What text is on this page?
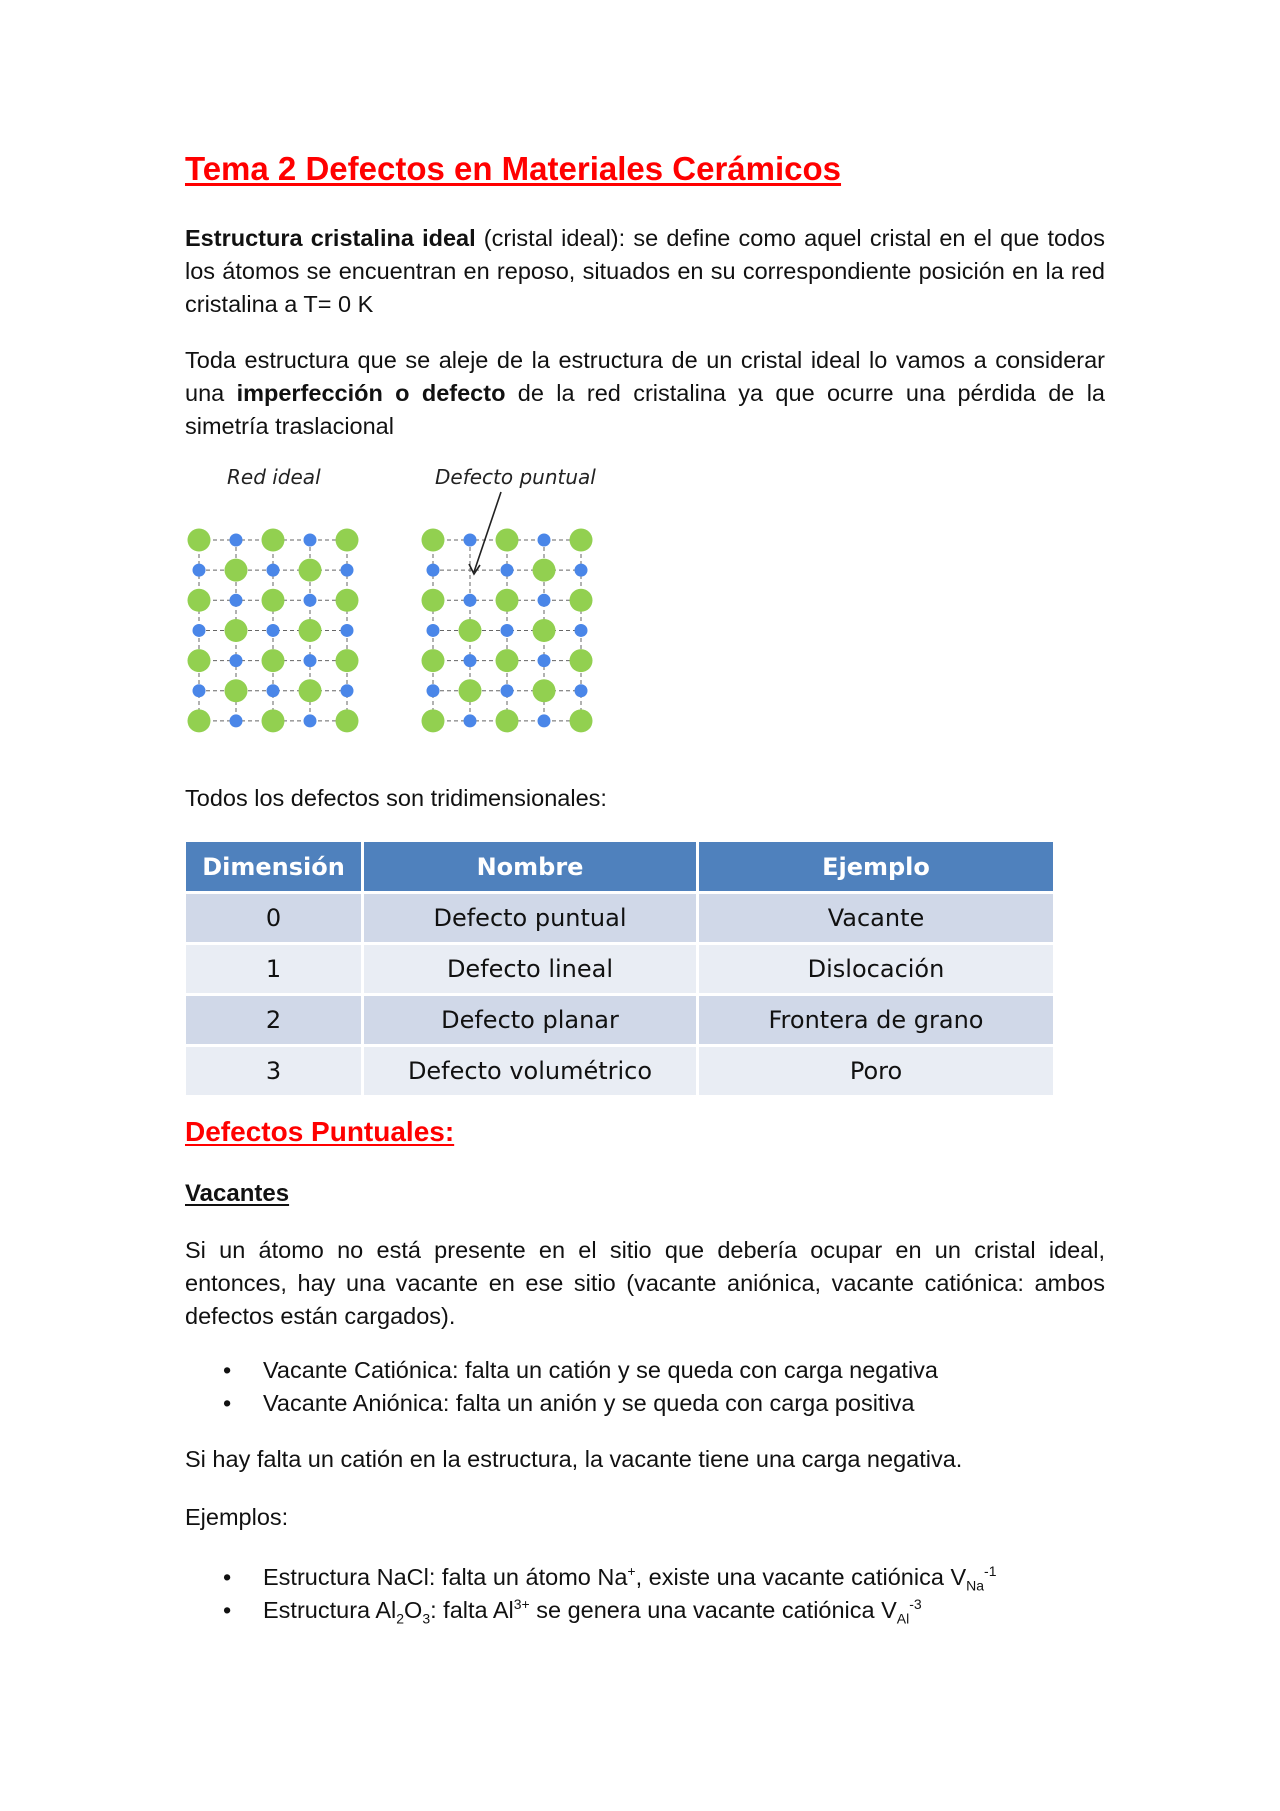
Tema 2 Defectos en Materiales Cerámicos

Estructura cristalina ideal (cristal ideal): se define como aquel cristal en el que todos los átomos se encuentran en reposo, situados en su correspondiente posición en la red cristalina a T= 0 K

Toda estructura que se aleje de la estructura de un cristal ideal lo vamos a considerar una imperfección o defecto de la red cristalina ya que ocurre una pérdida de la simetría traslacional

Red ideal	Defecto puntual

Todos los defectos son tridimensionales:

Dimensión	Nombre	Ejemplo
0	Defecto puntual	Vacante
1	Defecto lineal	Dislocación
2	Defecto planar	Frontera de grano
3	Defecto volumétrico	Poro
Defectos Puntuales:
Vacantes

Si un átomo no está presente en el sitio que debería ocupar en un cristal ideal, entonces, hay una vacante en ese sitio (vacante aniónica, vacante catiónica: ambos defectos están cargados).

• Vacante Catiónica: falta un catión y se queda con carga negativa
• Vacante Aniónica: falta un anión y se queda con carga positiva

Si hay falta un catión en la estructura, la vacante tiene una carga negativa.

Ejemplos:

• Estructura NaCl: falta un átomo Na+, existe una vacante catiónica $V_{Na}^{-1}$
• Estructura $Al_2O_3$: falta $Al^{3+}$ se genera una vacante catiónica $V_{Al}^{-3}$
